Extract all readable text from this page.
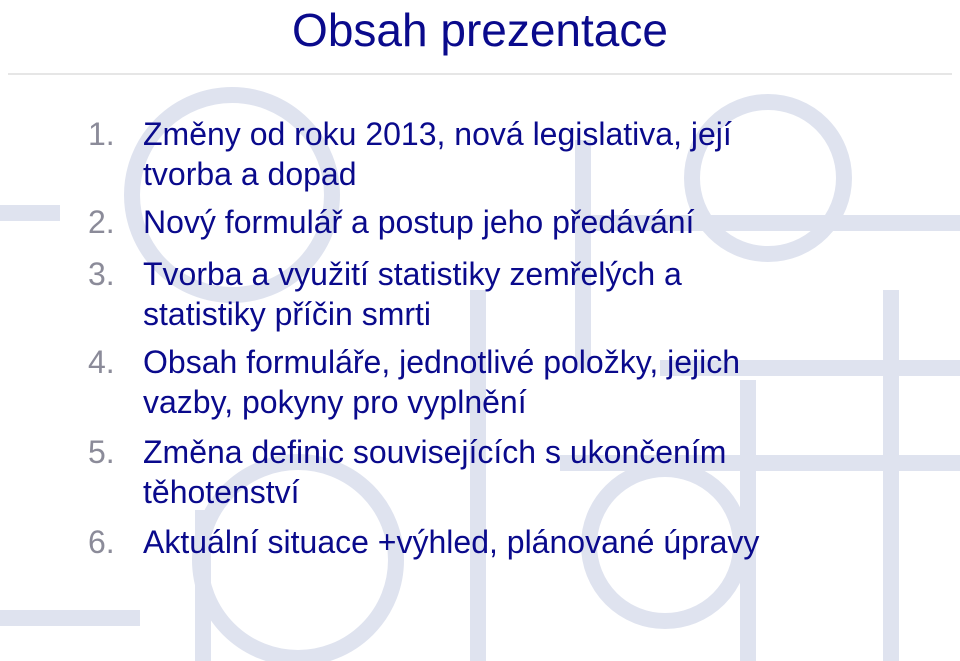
Obsah prezentace
1. Změny od roku 2013, nová legislativa, její
tvorba a dopad
2. Nový formulář a postup jeho předávání
3. Tvorba a využití statistiky zemřelých a
statistiky příčin smrti
4. Obsah formuláře, jednotlivé položky, jejich
vazby, pokyny pro vyplnění
5. Změna definic souvisejících s ukončením
těhotenství
6. Aktuální situace +výhled, plánované úpravy
